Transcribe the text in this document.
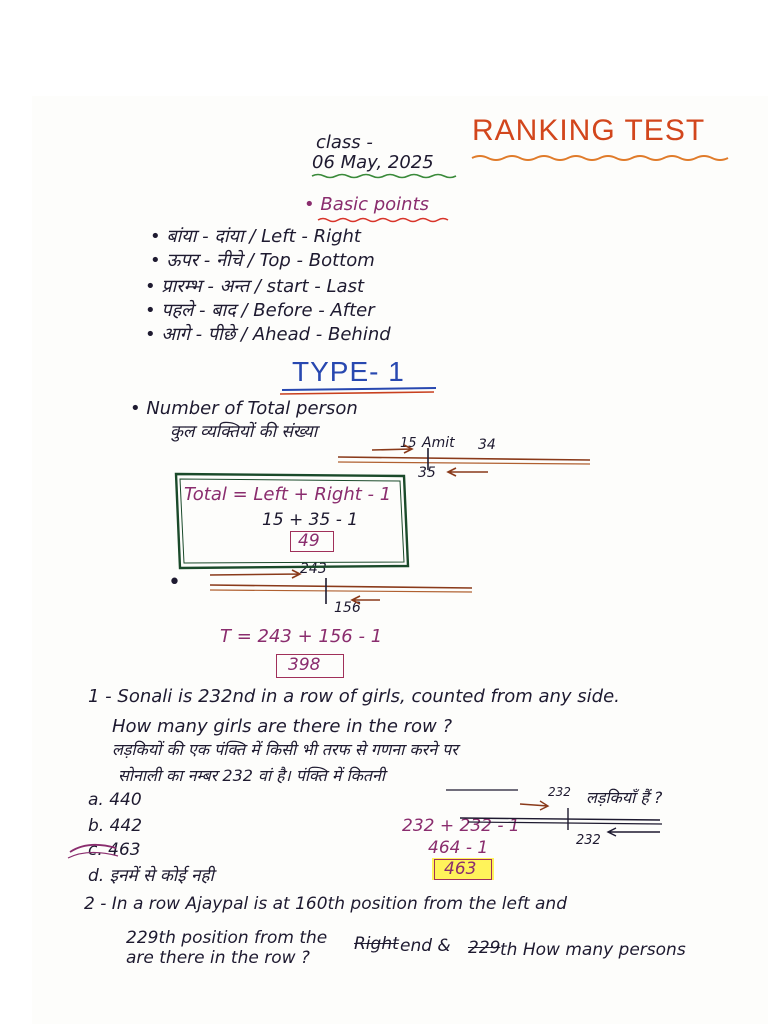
class -
06 May, 2025
RANKING TEST
• Basic points
• बांया - दांया / Left - Right
• ऊपर - नीचे / Top - Bottom
• प्रारम्भ - अन्त / start - Last
• पहले - बाद / Before - After
• आगे - पीछे / Ahead - Behind
TYPE- 1
• Number of Total person
कुल व्यक्तियों की संख्या
15 Amit 34
35
Total = Left + Right - 1
15 + 35 - 1
49
•
243
156
T = 243 + 156 - 1
398
1 - Sonali is 232nd in a row of girls, counted from any side.
How many girls are there in the row ?
लड़कियों की एक पंक्ति में किसी भी तरफ से गणना करने पर
सोनाली का नम्बर 232 वां है। पंक्ति में कितनी
232 लड़कियाँ हैं ?
232
a. 440
b. 442
c. 463
d. इनमें से कोई नही
232 + 232 - 1
464 - 1
463
2 - In a row Ajaypal is at 160th position from the left and
229th position from the Right end & 229 th How many persons
are there in the row ?
